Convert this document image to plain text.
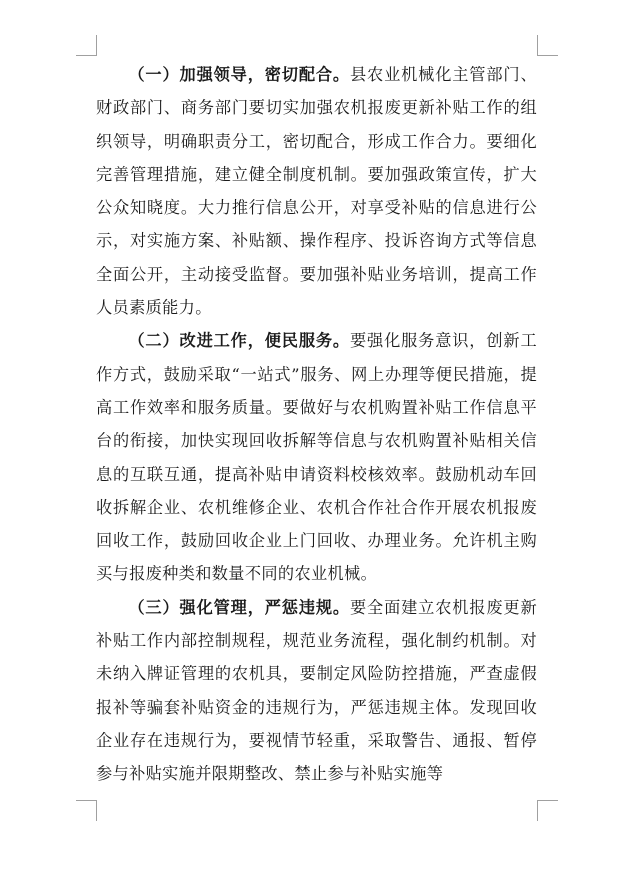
（一）加强领导，密切配合。县农业机械化主管部门、财政部门、商务部门要切实加强农机报废更新补贴工作的组织领导，明确职责分工，密切配合，形成工作合力。要细化完善管理措施，建立健全制度机制。要加强政策宣传，扩大公众知晓度。大力推行信息公开，对享受补贴的信息进行公示，对实施方案、补贴额、操作程序、投诉咨询方式等信息全面公开，主动接受监督。要加强补贴业务培训，提高工作人员素质能力。

（二）改进工作，便民服务。要强化服务意识，创新工作方式，鼓励采取“一站式”服务、网上办理等便民措施，提高工作效率和服务质量。要做好与农机购置补贴工作信息平台的衔接，加快实现回收拆解等信息与农机购置补贴相关信息的互联互通，提高补贴申请资料校核效率。鼓励机动车回收拆解企业、农机维修企业、农机合作社合作开展农机报废回收工作，鼓励回收企业上门回收、办理业务。允许机主购买与报废种类和数量不同的农业机械。

（三）强化管理，严惩违规。要全面建立农机报废更新补贴工作内部控制规程，规范业务流程，强化制约机制。对未纳入牌证管理的农机具，要制定风险防控措施，严查虚假报补等骗套补贴资金的违规行为，严惩违规主体。发现回收企业存在违规行为，要视情节轻重，采取警告、通报、暂停参与补贴实施并限期整改、禁止参与补贴实施等
